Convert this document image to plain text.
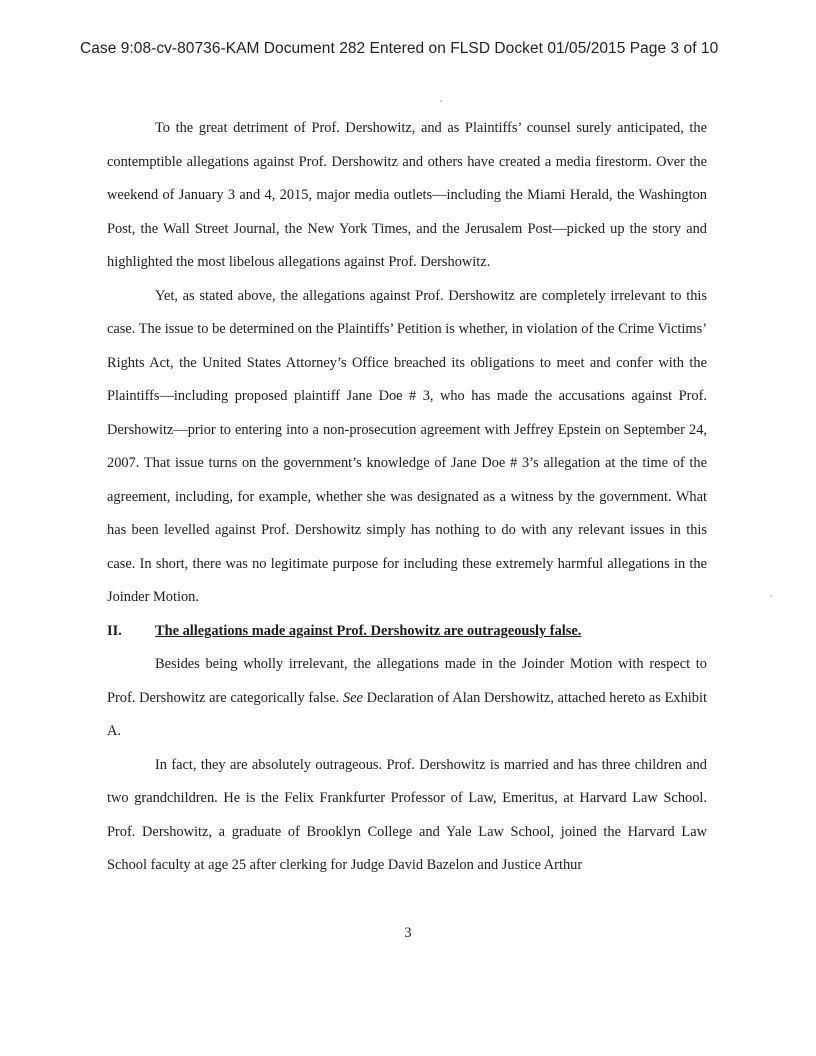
Case 9:08-cv-80736-KAM Document 282 Entered on FLSD Docket 01/05/2015 Page 3 of 10

To the great detriment of Prof. Dershowitz, and as Plaintiffs’ counsel surely anticipated, the contemptible allegations against Prof. Dershowitz and others have created a media firestorm. Over the weekend of January 3 and 4, 2015, major media outlets—including the Miami Herald, the Washington Post, the Wall Street Journal, the New York Times, and the Jerusalem Post—picked up the story and highlighted the most libelous allegations against Prof. Dershowitz.

Yet, as stated above, the allegations against Prof. Dershowitz are completely irrelevant to this case. The issue to be determined on the Plaintiffs’ Petition is whether, in violation of the Crime Victims’ Rights Act, the United States Attorney’s Office breached its obligations to meet and confer with the Plaintiffs—including proposed plaintiff Jane Doe # 3, who has made the accusations against Prof. Dershowitz—prior to entering into a non-prosecution agreement with Jeffrey Epstein on September 24, 2007. That issue turns on the government’s knowledge of Jane Doe # 3’s allegation at the time of the agreement, including, for example, whether she was designated as a witness by the government. What has been levelled against Prof. Dershowitz simply has nothing to do with any relevant issues in this case. In short, there was no legitimate purpose for including these extremely harmful allegations in the Joinder Motion.

II.	The allegations made against Prof. Dershowitz are outrageously false.

Besides being wholly irrelevant, the allegations made in the Joinder Motion with respect to Prof. Dershowitz are categorically false. See Declaration of Alan Dershowitz, attached hereto as Exhibit A.

In fact, they are absolutely outrageous. Prof. Dershowitz is married and has three children and two grandchildren. He is the Felix Frankfurter Professor of Law, Emeritus, at Harvard Law School. Prof. Dershowitz, a graduate of Brooklyn College and Yale Law School, joined the Harvard Law School faculty at age 25 after clerking for Judge David Bazelon and Justice Arthur

3
